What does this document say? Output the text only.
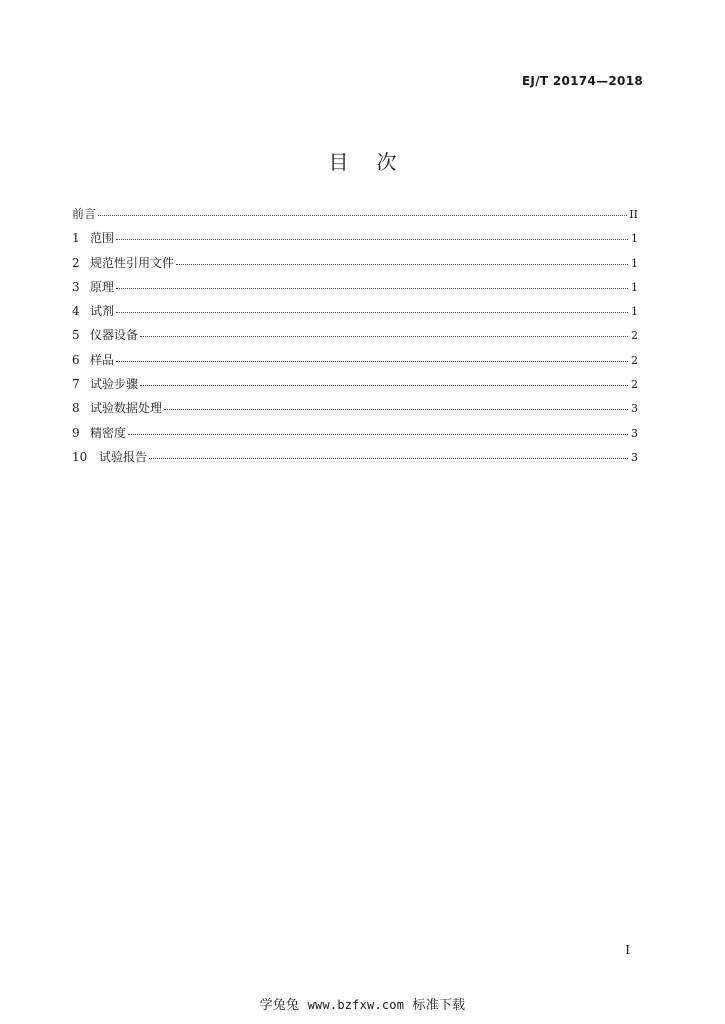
EJ/T 20174—2018
目 次
前言	II
1 范围	1
2 规范性引用文件	1
3 原理	1
4 试剂	1
5 仪器设备	2
6 样品	2
7 试验步骤	2
8 试验数据处理	3
9 精密度	3
10 试验报告	3
I
学兔兔 www.bzfxw.com 标准下载
